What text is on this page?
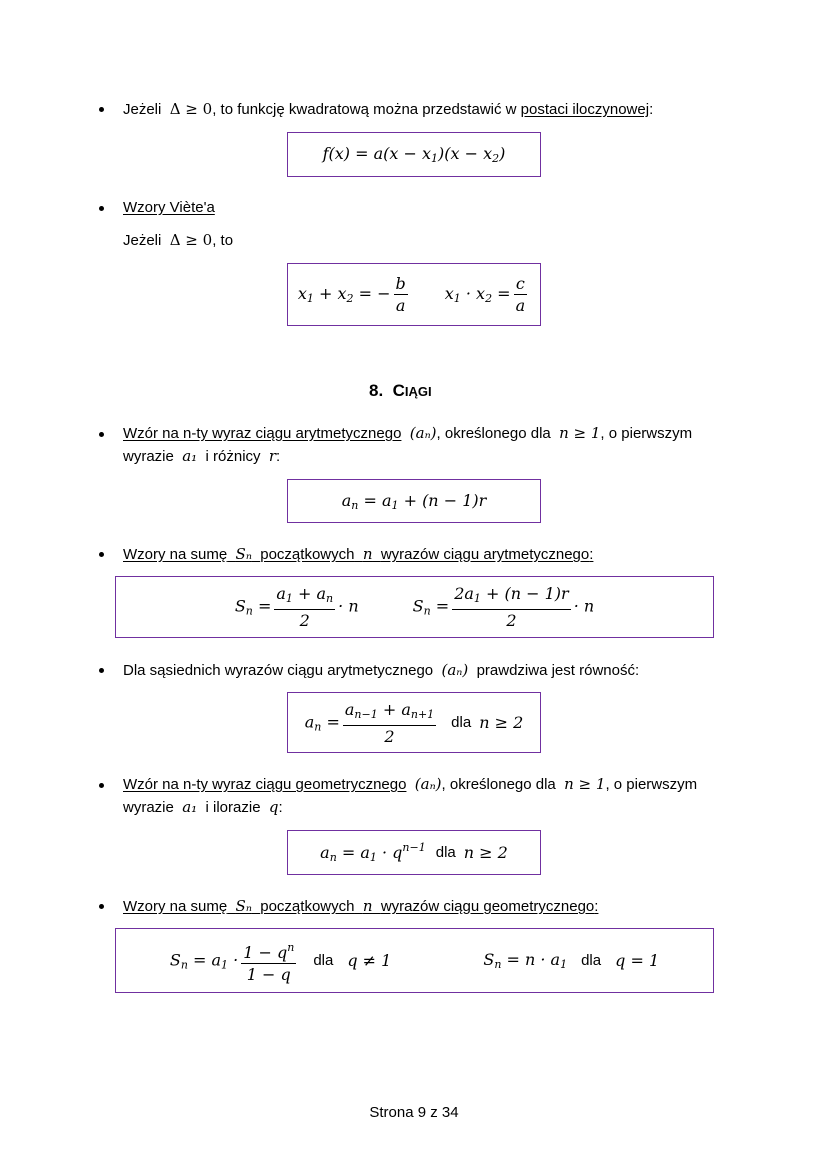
Jeżeli Δ ≥ 0, to funkcję kwadratową można przedstawić w postaci iloczynowej:
$f(x) = a(x - x_1)(x - x_2)$
Wzory Viète'a
Jeżeli Δ ≥ 0, to
$x_1 + x_2$ = − $\frac{b}{a} x_1 \cdot x_2 = \frac{c}{a}$
8. CIĄGI
Wzór na n-ty wyraz ciągu arytmetycznego (aₙ), określonego dla n ≥ 1, o pierwszym
wyrazie a₁ i różnicy r:
$a_n = a_1 + (n - 1)r$
Wzory na sumę Sₙ początkowych n wyrazów ciągu arytmetycznego:
$S_n = \frac{a_1 + a_n}{2} \cdot n$	$S_n = \frac{2a_1 + (n - 1)r}{2} \cdot n$
Dla sąsiednich wyrazów ciągu arytmetycznego (aₙ) prawdziwa jest równość:
$a_n = \frac{a_{n-1} + a_{n+1}}{2}$ dla n ≥ 2
Wzór na n-ty wyraz ciągu geometrycznego (aₙ), określonego dla n ≥ 1, o pierwszym
wyrazie a₁ i ilorazie q:
$a_n = a_1 \cdot q^{n-1}$ dla n ≥ 2
Wzory na sumę Sₙ początkowych n wyrazów ciągu geometrycznego:
$S_n = a_1 \cdot \frac{1 - q^n}{1 - q}$ dla q ≠ 1	$S_n = n \cdot a_1$ dla q = 1
Strona 9 z 34
